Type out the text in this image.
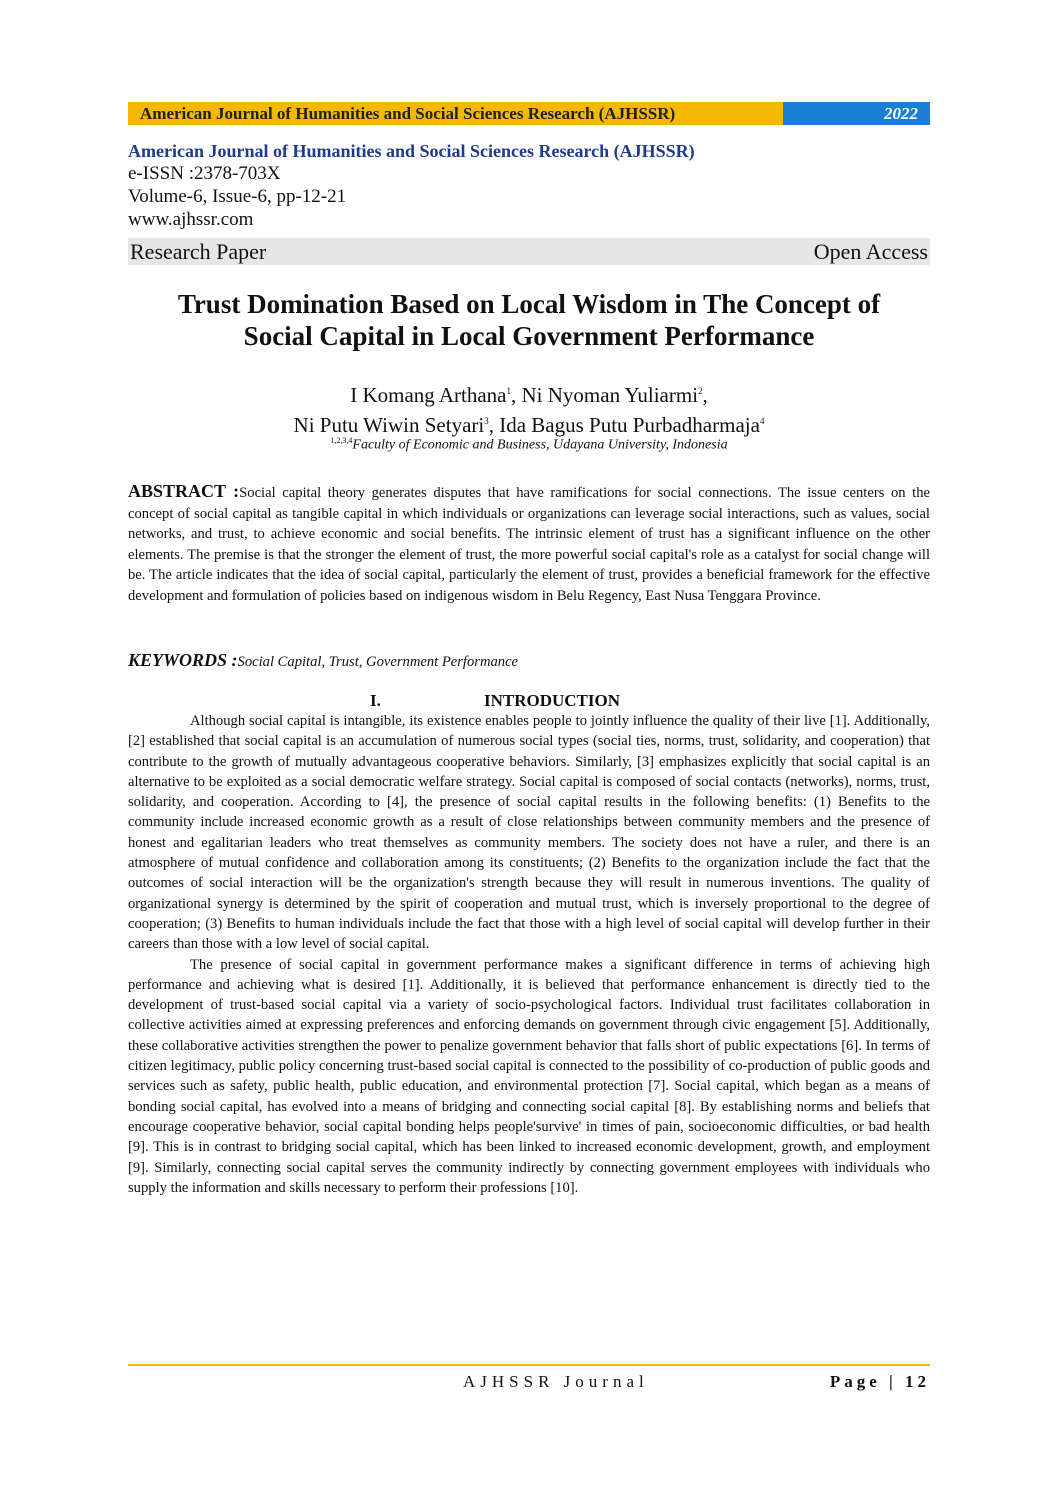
American Journal of Humanities and Social Sciences Research (AJHSSR)	2022
American Journal of Humanities and Social Sciences Research (AJHSSR)
e-ISSN :2378-703X
Volume-6, Issue-6, pp-12-21
www.ajhssr.com
Research Paper	Open Access
Trust Domination Based on Local Wisdom in The Concept of
Social Capital in Local Government Performance
I Komang Arthana$^1$, Ni Nyoman Yuliarmi$^2$,
Ni Putu Wiwin Setyari$^3$, Ida Bagus Putu Purbadharmaja$^4$
$^{1,2,3,4}$Faculty of Economic and Business, Udayana University, Indonesia
ABSTRACT :Social capital theory generates disputes that have ramifications for social connections. The issue centers on the concept of social capital as tangible capital in which individuals or organizations can leverage social interactions, such as values, social networks, and trust, to achieve economic and social benefits. The intrinsic element of trust has a significant influence on the other elements. The premise is that the stronger the element of trust, the more powerful social capital's role as a catalyst for social change will be. The article indicates that the idea of social capital, particularly the element of trust, provides a beneficial framework for the effective development and formulation of policies based on indigenous wisdom in Belu Regency, East Nusa Tenggara Province.
KEYWORDS :Social Capital, Trust, Government Performance
I.	INTRODUCTION

Although social capital is intangible, its existence enables people to jointly influence the quality of their live [1]. Additionally, [2] established that social capital is an accumulation of numerous social types (social ties, norms, trust, solidarity, and cooperation) that contribute to the growth of mutually advantageous cooperative behaviors. Similarly, [3] emphasizes explicitly that social capital is an alternative to be exploited as a social democratic welfare strategy. Social capital is composed of social contacts (networks), norms, trust, solidarity, and cooperation. According to [4], the presence of social capital results in the following benefits: (1) Benefits to the community include increased economic growth as a result of close relationships between community members and the presence of honest and egalitarian leaders who treat themselves as community members. The society does not have a ruler, and there is an atmosphere of mutual confidence and collaboration among its constituents; (2) Benefits to the organization include the fact that the outcomes of social interaction will be the organization's strength because they will result in numerous inventions. The quality of organizational synergy is determined by the spirit of cooperation and mutual trust, which is inversely proportional to the degree of cooperation; (3) Benefits to human individuals include the fact that those with a high level of social capital will develop further in their careers than those with a low level of social capital.

The presence of social capital in government performance makes a significant difference in terms of achieving high performance and achieving what is desired [1]. Additionally, it is believed that performance enhancement is directly tied to the development of trust-based social capital via a variety of socio-psychological factors. Individual trust facilitates collaboration in collective activities aimed at expressing preferences and enforcing demands on government through civic engagement [5]. Additionally, these collaborative activities strengthen the power to penalize government behavior that falls short of public expectations [6]. In terms of citizen legitimacy, public policy concerning trust-based social capital is connected to the possibility of co-production of public goods and services such as safety, public health, public education, and environmental protection [7]. Social capital, which began as a means of bonding social capital, has evolved into a means of bridging and connecting social capital [8]. By establishing norms and beliefs that encourage cooperative behavior, social capital bonding helps people'survive' in times of pain, socioeconomic difficulties, or bad health [9]. This is in contrast to bridging social capital, which has been linked to increased economic development, growth, and employment [9]. Similarly, connecting social capital serves the community indirectly by connecting government employees with individuals who supply the information and skills necessary to perform their professions [10].

AJHSSR Journal	Page | 12
